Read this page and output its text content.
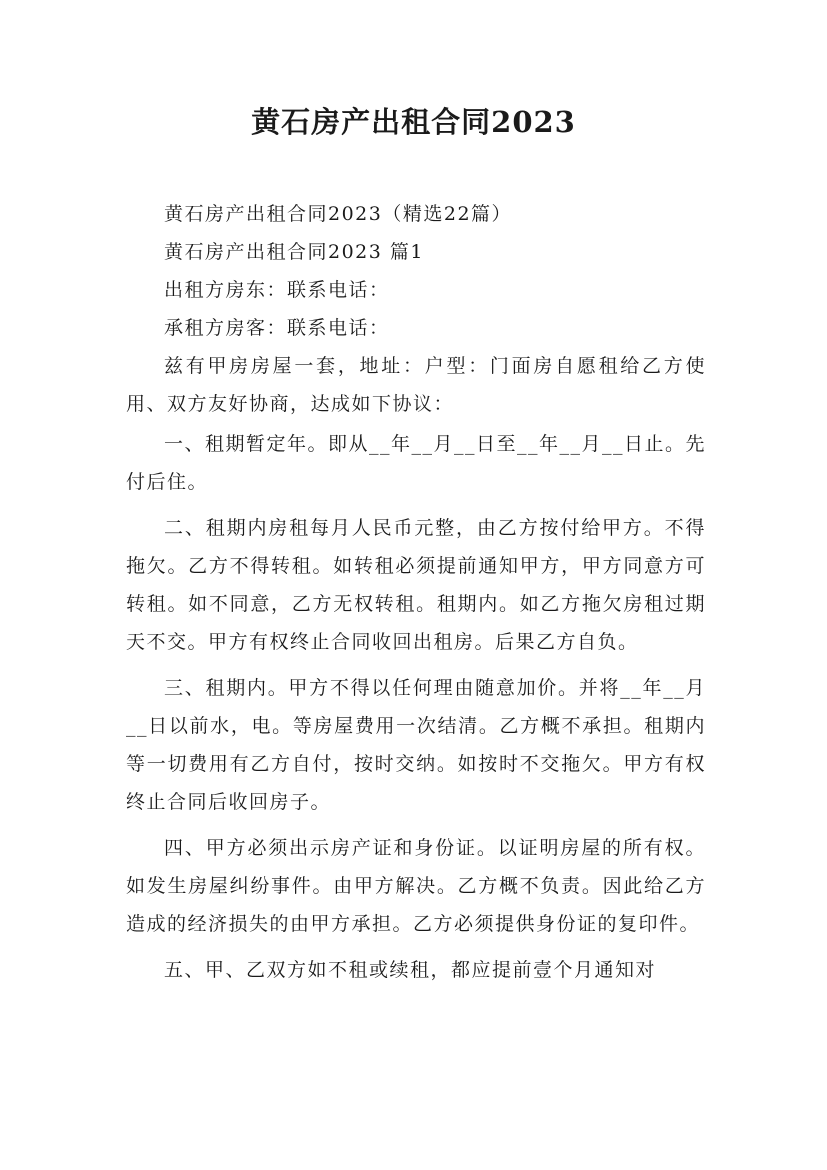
黄石房产出租合同2023

黄石房产出租合同2023（精选22篇）

黄石房产出租合同2023 篇1

出租方房东：联系电话：

承租方房客：联系电话：

兹有甲房房屋一套，地址：户型：门面房自愿租给乙方使用、双方友好协商，达成如下协议：

一、租期暂定年。即从__年__月__日至__年__月__日止。先付后住。

二、租期内房租每月人民币元整，由乙方按付给甲方。不得拖欠。乙方不得转租。如转租必须提前通知甲方，甲方同意方可转租。如不同意，乙方无权转租。租期内。如乙方拖欠房租过期天不交。甲方有权终止合同收回出租房。后果乙方自负。

三、租期内。甲方不得以任何理由随意加价。并将__年__月__日以前水，电。等房屋费用一次结清。乙方概不承担。租期内等一切费用有乙方自付，按时交纳。如按时不交拖欠。甲方有权终止合同后收回房子。

四、甲方必须出示房产证和身份证。以证明房屋的所有权。如发生房屋纠纷事件。由甲方解决。乙方概不负责。因此给乙方造成的经济损失的由甲方承担。乙方必须提供身份证的复印件。

五、甲、乙双方如不租或续租，都应提前壹个月通知对
